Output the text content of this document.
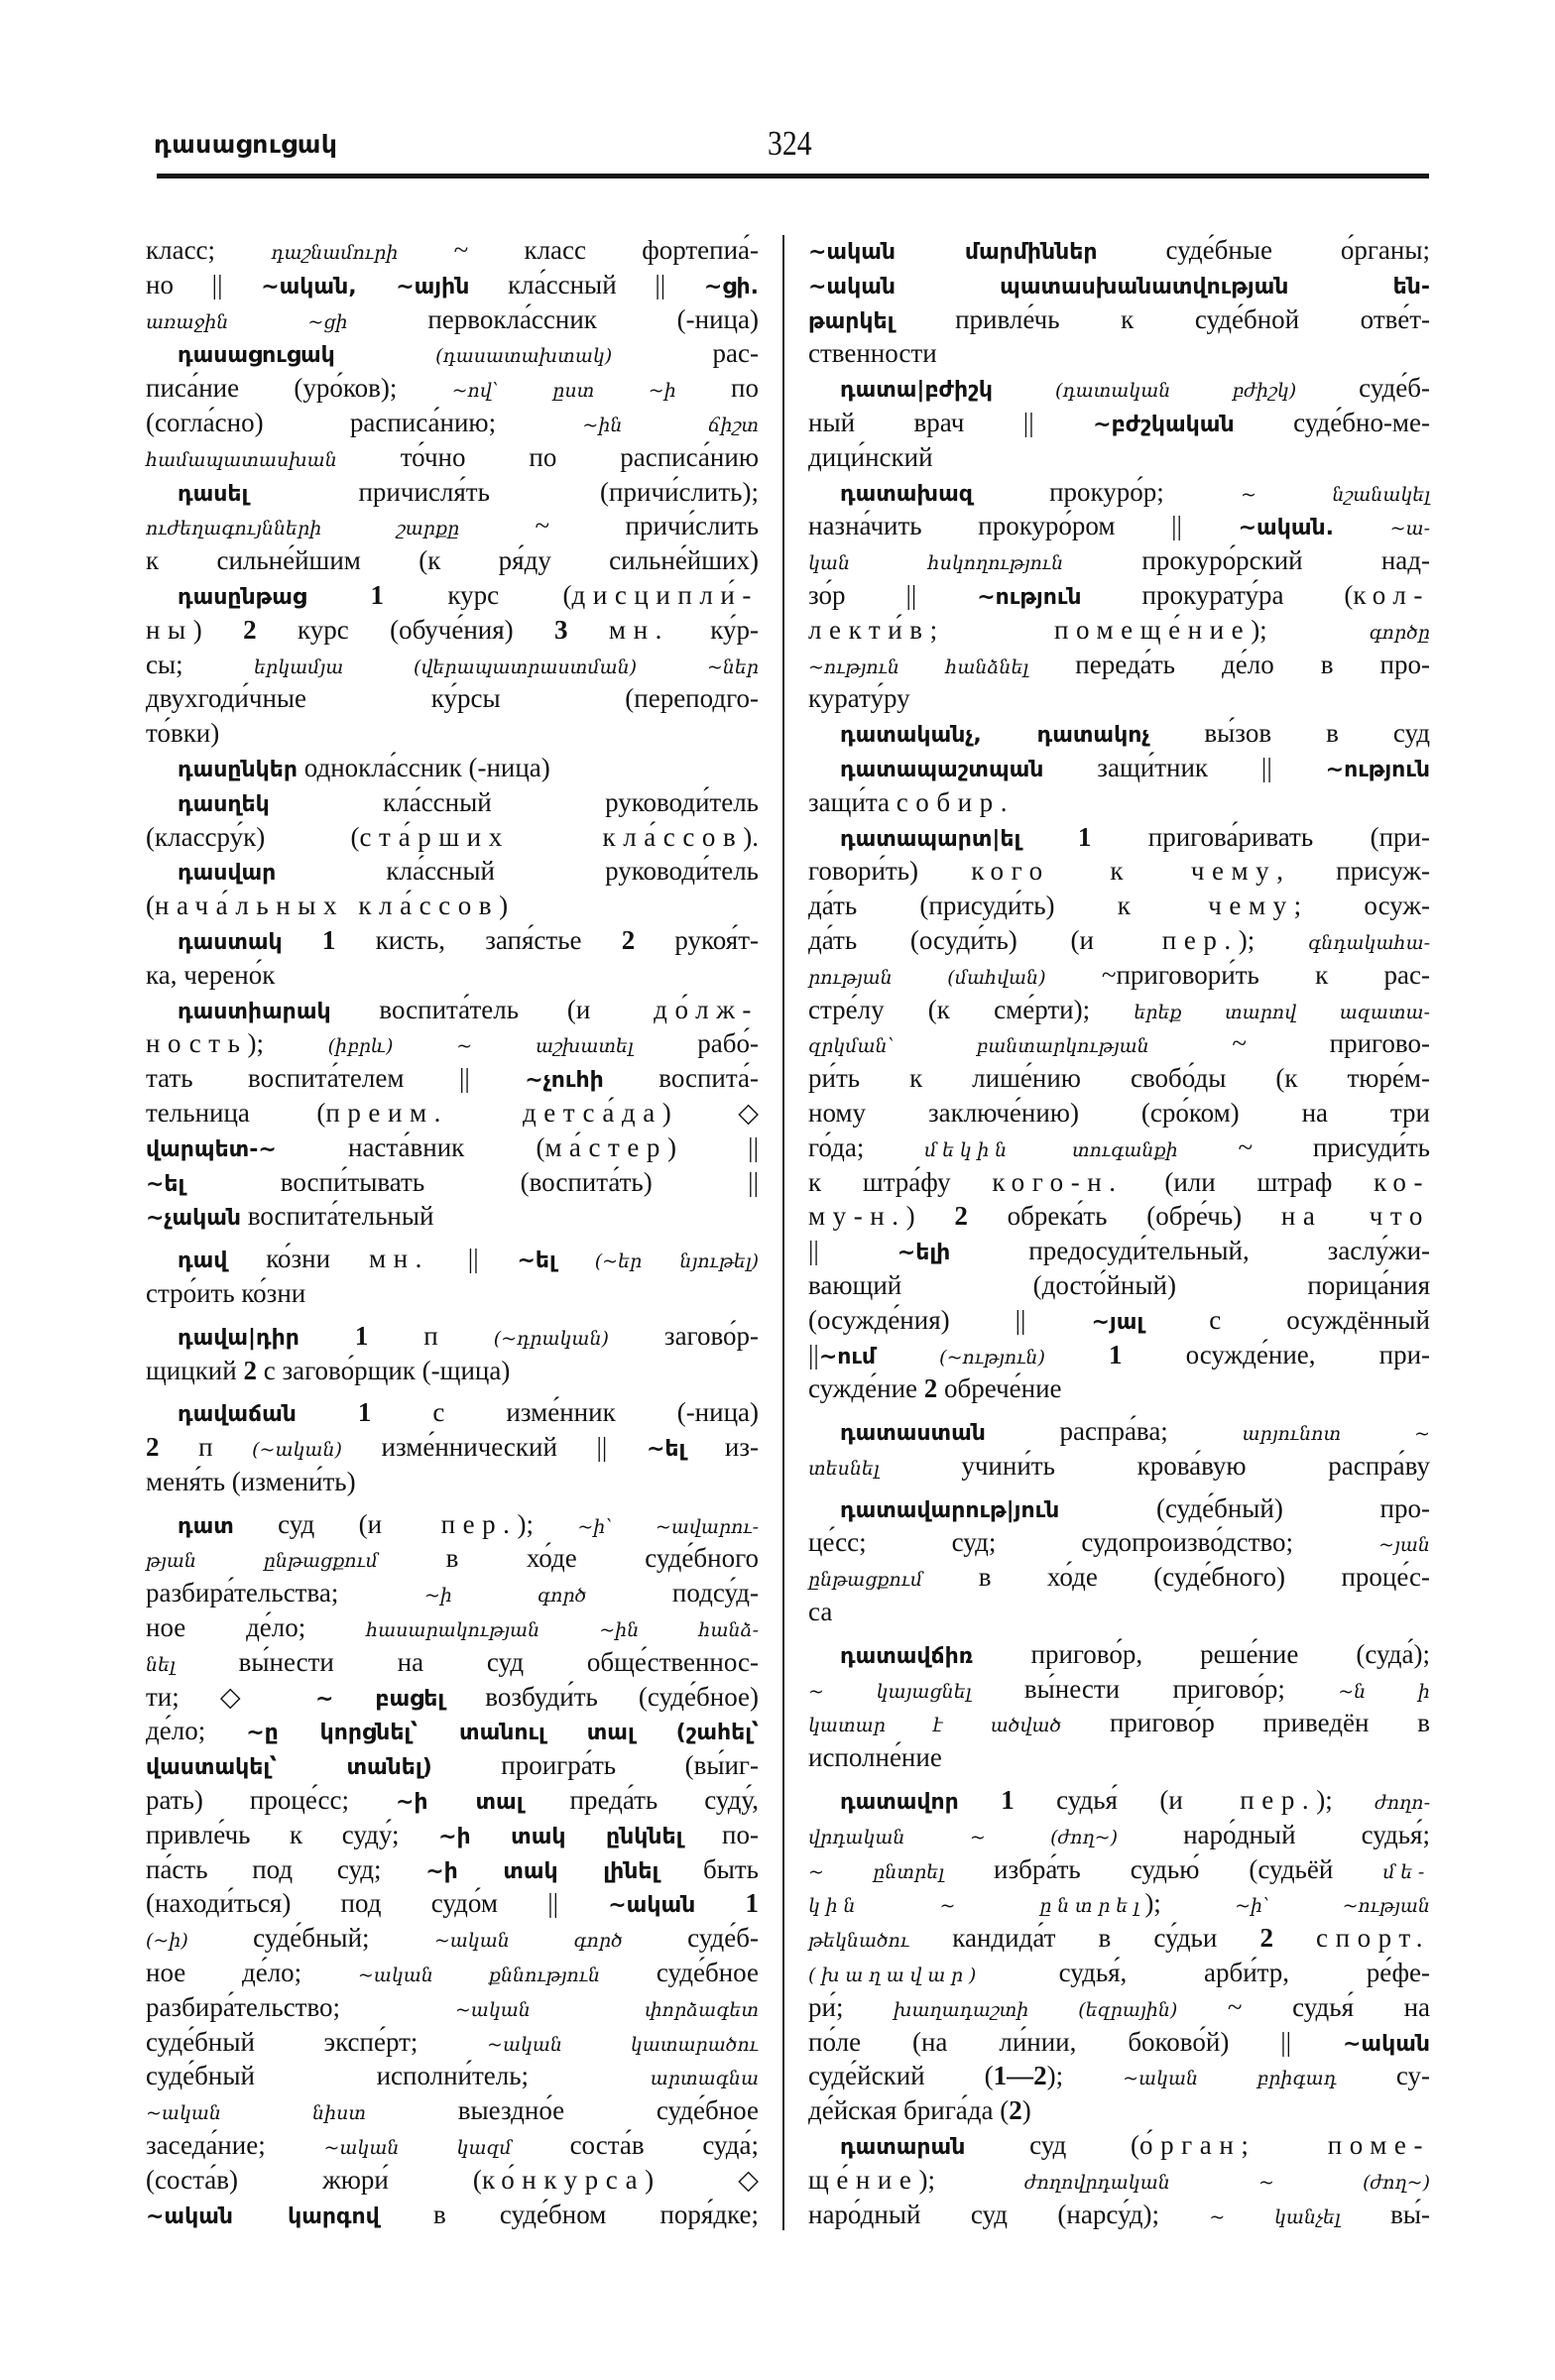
դասացուցակ	324
класс; դաշնամուրի ~ класс фортепиа́-
но || ~ական, ~ային кла́ссный || ~ցի.
առաջին ~ցի первокла́ссник (-ница)
դասացուցակ	(դասատախտակ) рас-
писа́ние (уро́ков); ~ով՝ ըստ ~ի по
(согла́сно) расписа́нию; ~ին ճիշտ
համապատասխան то́чно по расписа́нию
դասել причисля́ть (причи́слить);
ուժեղագույնների շարքը ~ причи́слить
к сильне́йшим (к ря́ду сильне́йших)
դասընթաց 1 курс (дисципли́-
ны) 2 курс (обуче́ния) 3 мн. ку́р-
сы; երկամյա (վերապատրաստման) ~ներ
двухгоди́чные ку́рсы (переподго-
то́вки)
դասընկեր однокла́ссник (-ница)
դասղեկ кла́ссный руководи́тель
(классру́к) (ста́рших кла́ссов).
դասվար кла́ссный руководи́тель
(нача́льных кла́ссов)
դաստակ 1 кисть, запя́стье 2 рукоя́т-
ка, черено́к
դաստիարակ воспита́тель (и до́лж-
ность); (իբրև) ~ աշխատել рабо́-
тать воспита́телем || ~չուհի воспита́-
тельница (преим. детса́да) ◇
վարպետ-~ наста́вник (ма́стер) ||
~ել воспи́тывать (воспита́ть) ||
~չական воспита́тельный
դավ ко́зни мн. || ~ել (~եր նյութել)
стро́ить ко́зни
դավա|դիր 1 п (~դրական) загово́р-
щицкий 2 с загово́рщик (-щица)
դավաճան 1 с изме́нник (-ница)
2 п (~ական) изме́ннический || ~ել из-
меня́ть (измени́ть)
դատ суд (и пер.); ~ի՝ ~ավարու-
թյան ընթացքում в хо́де суде́бного
разбира́тельства; ~ի գործ подсу́д-
ное де́ло; հասարակության ~ին հանձ-
նել вы́нести на суд обще́ственнос-
ти; ◇ ~ բացել возбуди́ть (суде́бное)
де́ло; ~ը կորցնել՝ տանուլ տալ (շահել՝
վաստակել՝ տանել) проигра́ть (вы́иг-
рать) проце́сс; ~ի տալ преда́ть суду́,
привле́чь к суду́; ~ի տակ ընկնել по-
па́сть под суд; ~ի տակ լինել быть
(находи́ться) под судо́м || ~ական 1
(~ի) суде́бный; ~ական գործ суде́б-
ное де́ло; ~ական քննություն суде́бное
разбира́тельство; ~ական փորձագետ
суде́бный экспе́рт; ~ական կատարածու
суде́бный исполни́тель; արտագնա
~ական նիստ выездно́е суде́бное
заседа́ние; ~ական կազմ соста́в суда́;
(соста́в) жюри́ (ко́нкурса) ◇
~ական կարգով в суде́бном поря́дке;
~ական մարմիններ суде́бные о́рганы;
~ական պատասխանատվության են-
թարկել привле́чь к суде́бной отве́т-
ственности
դատա|բժիշկ	(դատական բժիշկ) суде́б-
ный врач || ~բժշկական суде́бно-ме-
дици́нский
դատախազ прокуро́р; ~ նշանակել
назна́чить прокуро́ром || ~ական.	~ա-
կան հսկողություն прокуро́рский над-
зо́р || ~ություն прокурату́ра (кол-
лекти́в; помеще́ние); գործը
~ություն հանձնել переда́ть де́ло в про-
курату́ру
դատականչ, դատակոչ вы́зов в суд
դատապաշտպան защи́тник || ~ություն
защи́та собир.
դատապարտ|ել 1 пригова́ривать (при-
говори́ть) кого к чему, присуж-
да́ть (присуди́ть) к чему; осуж-
да́ть (осуди́ть) (и пер.); գնդակահա-
րության (մահվան) ~приговори́ть к рас-
стре́лу (к сме́рти); երեք տարով ազատա-
զրկման՝ բանտարկության ~ пригово-
ри́ть к лише́нию свобо́ды (к тюре́м-
ному заключе́нию) (сро́ком) на три
го́да; մեկին տուգանքի ~ присуди́ть
к штра́фу кого-н. (или штраф ко-
му-н.) 2 обрека́ть (обре́чь) на что
|| ~ելի предосуди́тельный, заслу́жи-
вающий (досто́йный) порица́ния
(осужде́ния) || ~յալ с осуждённый
||~ում	(~ություն) 1 осужде́ние, при-
сужде́ние 2 обрече́ние
դատաստան распра́ва; արյունոտ ~
տեսնել учини́ть крова́вую распра́ву
դատավարութ|յուն (суде́бный) про-
це́сс; суд; судопроизво́дство; ~յան
ընթացքում в хо́де (суде́бного) проце́с-
са
դատավճիռ пригово́р, реше́ние (суда́);
~ կայացնել вы́нести пригово́р; ~ն ի
կատար է ածված пригово́р приведён в
исполне́ние
դատավոր 1 судья́ (и пер.); ժողո-
վրդական ~ (ժող~) наро́дный судья́;
~ ընտրել избра́ть судью́ (судьёй մե-
կին ~ ընտրել); ~ի՝ ~ության
թեկնածու кандида́т в су́дьи 2 спорт.
(խաղավար) судья́, арби́тр, ре́фе-
ри́; խաղադաշտի (եզրային) ~ судья́ на
по́ле (на ли́нии, боково́й) || ~ական
суде́йский (1—2); ~ական բրիգադ су-
де́йская брига́да (2)
դատարան суд (о́рган; поме-
ще́ние); ժողովրդական ~ (ժող~)
наро́дный суд (нарсу́д); ~ կանչել вы́-
